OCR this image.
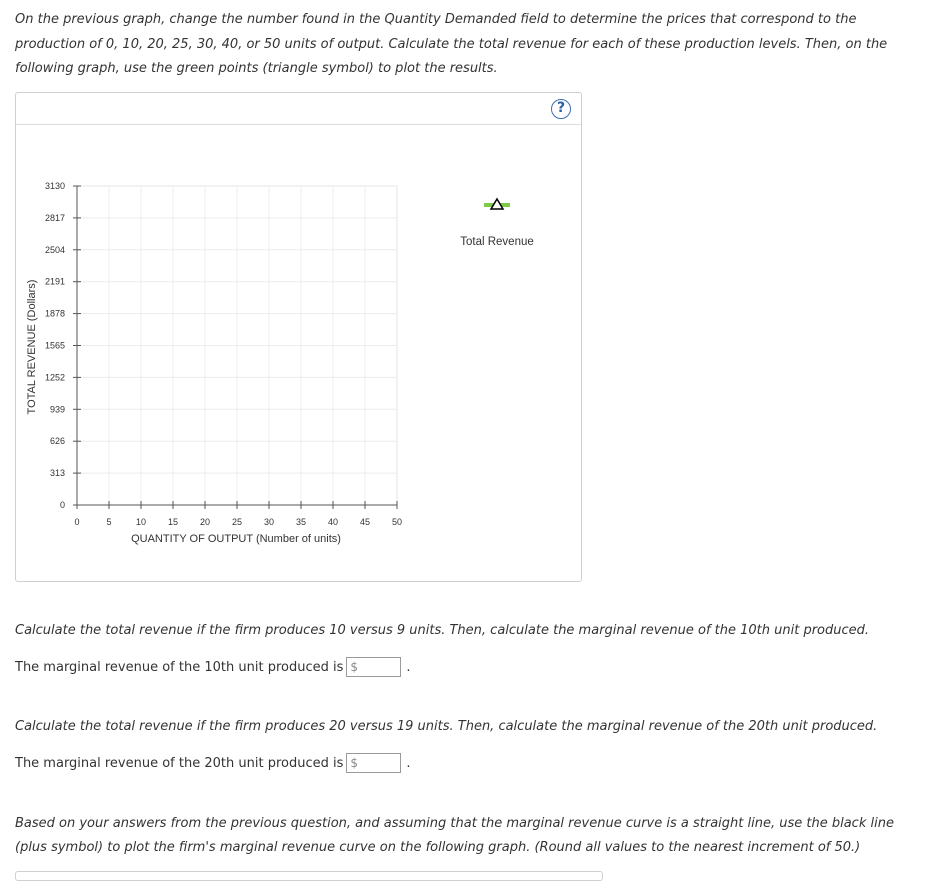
On the previous graph, change the number found in the Quantity Demanded field to determine the prices that correspond to the production of 0, 10, 20, 25, 30, 40, or 50 units of output. Calculate the total revenue for each of these production levels. Then, on the following graph, use the green points (triangle symbol) to plot the results.

?
0	5	10 15 20 25 30 35 40 45 50
0
313
626
939
1252
1565
1878
2191
2504
2817
3130
QUANTITY OF OUTPUT (Number of units)
TOTAL REVENUE (Dollars)
Total Revenue

Calculate the total revenue if the firm produces 10 versus 9 units. Then, calculate the marginal revenue of the 10th unit produced.

The marginal revenue of the 10th unit produced is $	.

Calculate the total revenue if the firm produces 20 versus 19 units. Then, calculate the marginal revenue of the 20th unit produced.

The marginal revenue of the 20th unit produced is $	.

Based on your answers from the previous question, and assuming that the marginal revenue curve is a straight line, use the black line (plus symbol) to plot the firm's marginal revenue curve on the following graph. (Round all values to the nearest increment of 50.)
